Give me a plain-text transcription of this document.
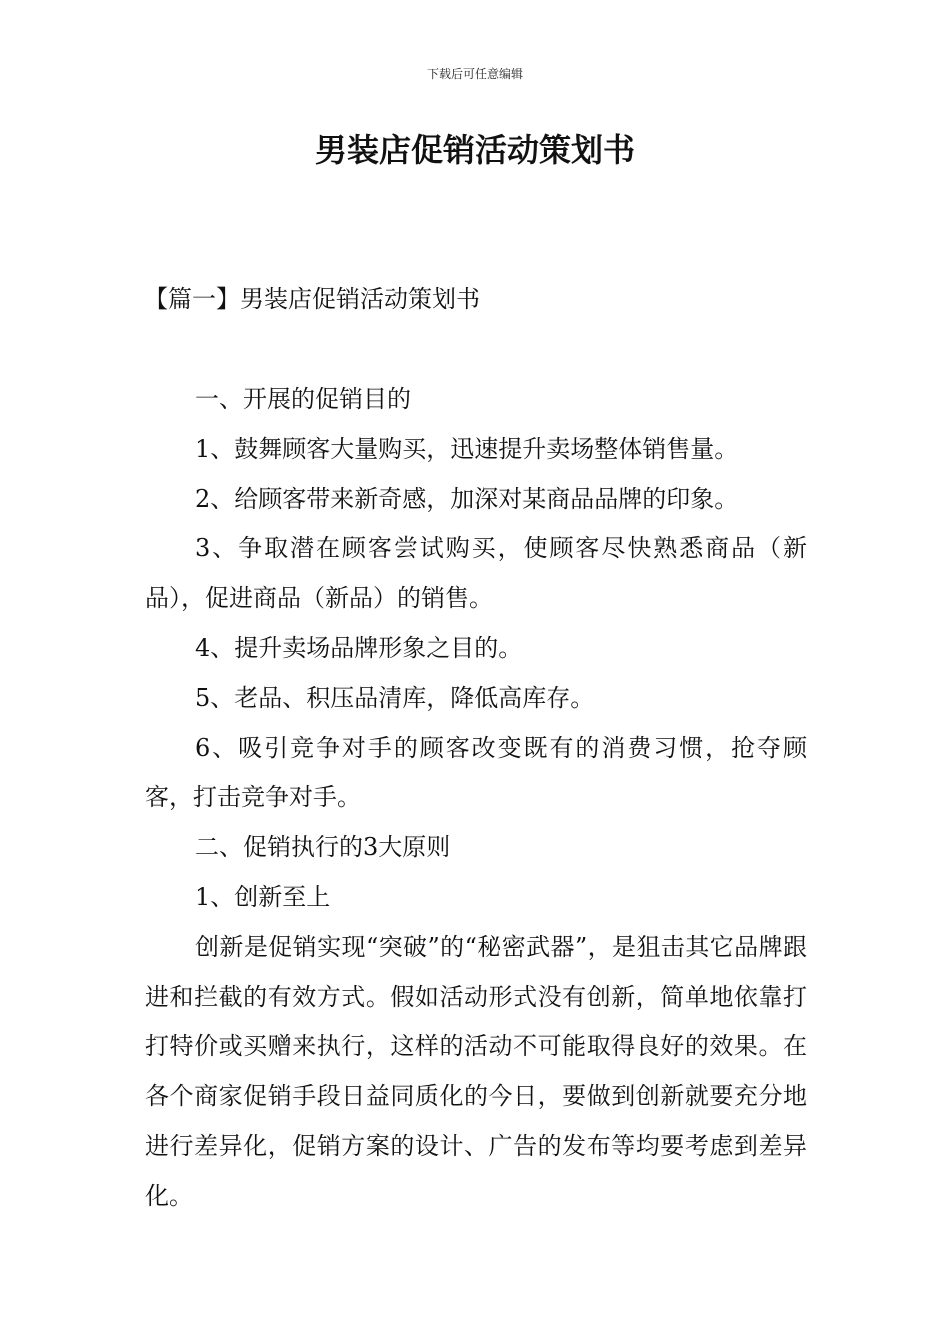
下载后可任意编辑
男装店促销活动策划书
【篇一】男装店促销活动策划书

一、开展的促销目的

1、鼓舞顾客大量购买，迅速提升卖场整体销售量。

2、给顾客带来新奇感，加深对某商品品牌的印象。

3、争取潜在顾客尝试购买，使顾客尽快熟悉商品（新品），促进商品（新品）的销售。

4、提升卖场品牌形象之目的。

5、老品、积压品清库，降低高库存。

6、吸引竞争对手的顾客改变既有的消费习惯，抢夺顾客，打击竞争对手。

二、促销执行的3大原则

1、创新至上

创新是促销实现“突破”的“秘密武器”，是狙击其它品牌跟进和拦截的有效方式。假如活动形式没有创新，简单地依靠打打特价或买赠来执行，这样的活动不可能取得良好的效果。在各个商家促销手段日益同质化的今日，要做到创新就要充分地进行差异化，促销方案的设计、广告的发布等均要考虑到差异化。
